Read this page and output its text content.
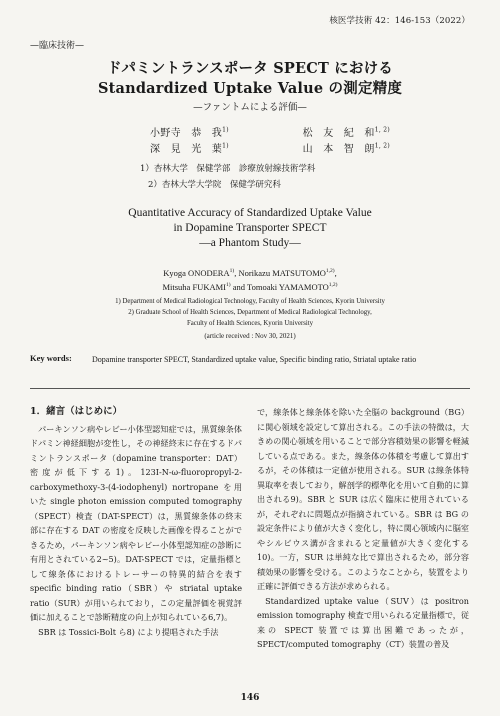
核医学技術 42：146-153（2022）
—臨床技術—
ドパミントランスポータ SPECT における
Standardized Uptake Value の測定精度
—ファントムによる評価—
小野寺　恭　我$^{1)}$	松　友　紀　和$^{1, 2)}$
深　見　光　葉$^{1)}$	山　本　智　朗$^{1, 2)}$
1）杏林大学　保健学部　診療放射線技術学科
2）杏林大学大学院　保健学研究科
Quantitative Accuracy of Standardized Uptake Value
in Dopamine Transporter SPECT
—a Phantom Study—
Kyoga ONODERA$^{1)}$, Norikazu MATSUTOMO$^{1,2)}$,
Mitsuha FUKAMI$^{1)}$ and Tomoaki YAMAMOTO$^{1,2)}$
1) Department of Medical Radiological Technology, Faculty of Health Sciences, Kyorin University
2) Graduate School of Health Sciences, Department of Medical Radiological Technology,
Faculty of Health Sciences, Kyorin University
(article received : Nov 30, 2021)
Key words:	Dopamine transporter SPECT, Standardized uptake value, Specific binding ratio, Striatal uptake ratio
1．緒言（はじめに）

パーキンソン病やレビー小体型認知症では，黒質線条体ドパミン神経細胞が変性し，その神経終末に存在するドパミントランスポータ（dopamine transporter：DAT）密度が低下する1)。123I-N-ω-fluoropropyl-2-carboxymethoxy-3-(4-iodophenyl) nortropane を用いた single photon emission computed tomography（SPECT）検査（DAT-SPECT）は，黒質線条体の終末部に存在する DAT の密度を反映した画像を得ることができるため，パーキンソン病やレビー小体型認知症の診断に有用とされている2~5)。DAT-SPECT では，定量指標として線条体におけるトレーサーの特異的結合を表す specific binding ratio（SBR）や striatal uptake ratio（SUR）が用いられており，この定量評価を視覚評価に加えることで診断精度の向上が知られている6,7)。

SBR は Tossici-Bolt ら8) により提唱された手法

で，線条体と線条体を除いた全脳の background（BG）に関心領域を設定して算出される。この手法の特徴は，大きめの関心領域を用いることで部分容積効果の影響を軽減している点である。また，線条体の体積を考慮して算出するが，その体積は一定値が使用される。SUR は線条体特異取率を表しており，解剖学的標準化を用いて自動的に算出される9)。SBR と SUR は広く臨床に使用されているが，それぞれに問題点が指摘されている。SBR は BG の設定条件により値が大きく変化し，特に関心領域内に脳室やシルビウス溝が含まれると定量値が大きく変化する10)。一方，SUR は単純な比で算出されるため，部分容積効果の影響を受ける。このようなことから，装置をより正確に評価できる方法が求められる。

Standardized uptake value（SUV）は positron emission tomography 検査で用いられる定量指標で，従来の SPECT 装置では算出困難であったが，SPECT/computed tomography（CT）装置の普及

146
